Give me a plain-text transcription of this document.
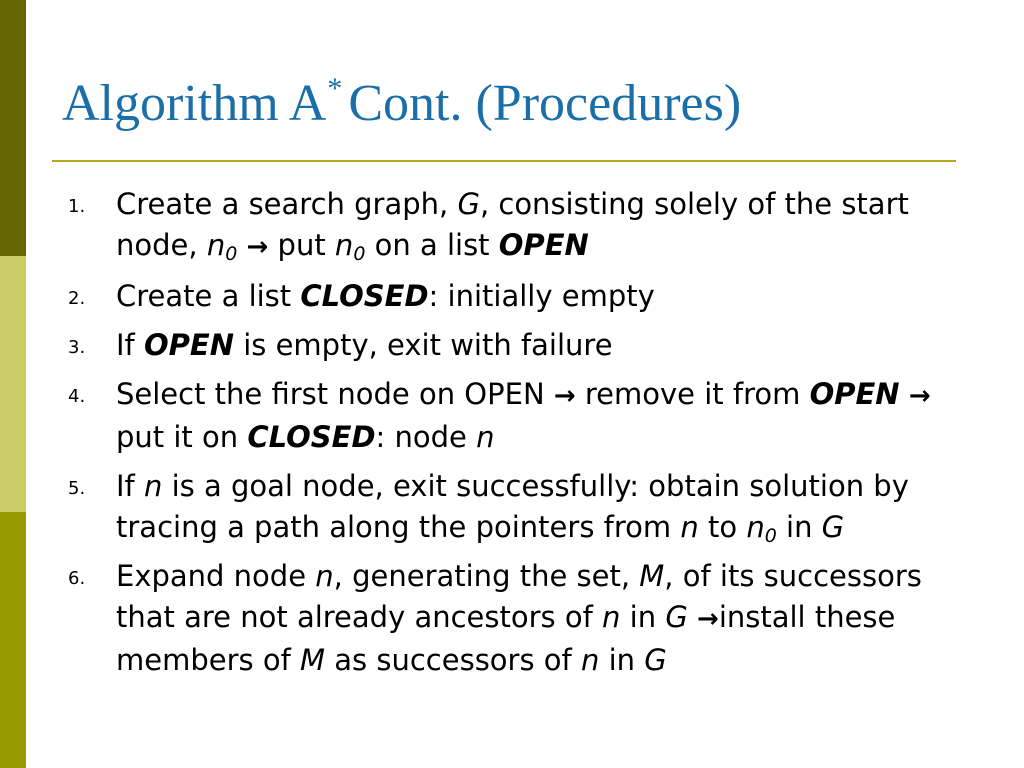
Algorithm A* Cont. (Procedures)
1. Create a search graph, G, consisting solely of the start node, $n_0$ → put $n_0$ on a list OPEN
2. Create a list CLOSED: initially empty
3. If OPEN is empty, exit with failure
4. Select the first node on OPEN → remove it from OPEN → put it on CLOSED: node n
5. If n is a goal node, exit successfully: obtain solution by tracing a path along the pointers from n to $n_0$ in G
6. Expand node n, generating the set, M, of its successors that are not already ancestors of n in G →install these members of M as successors of n in G
